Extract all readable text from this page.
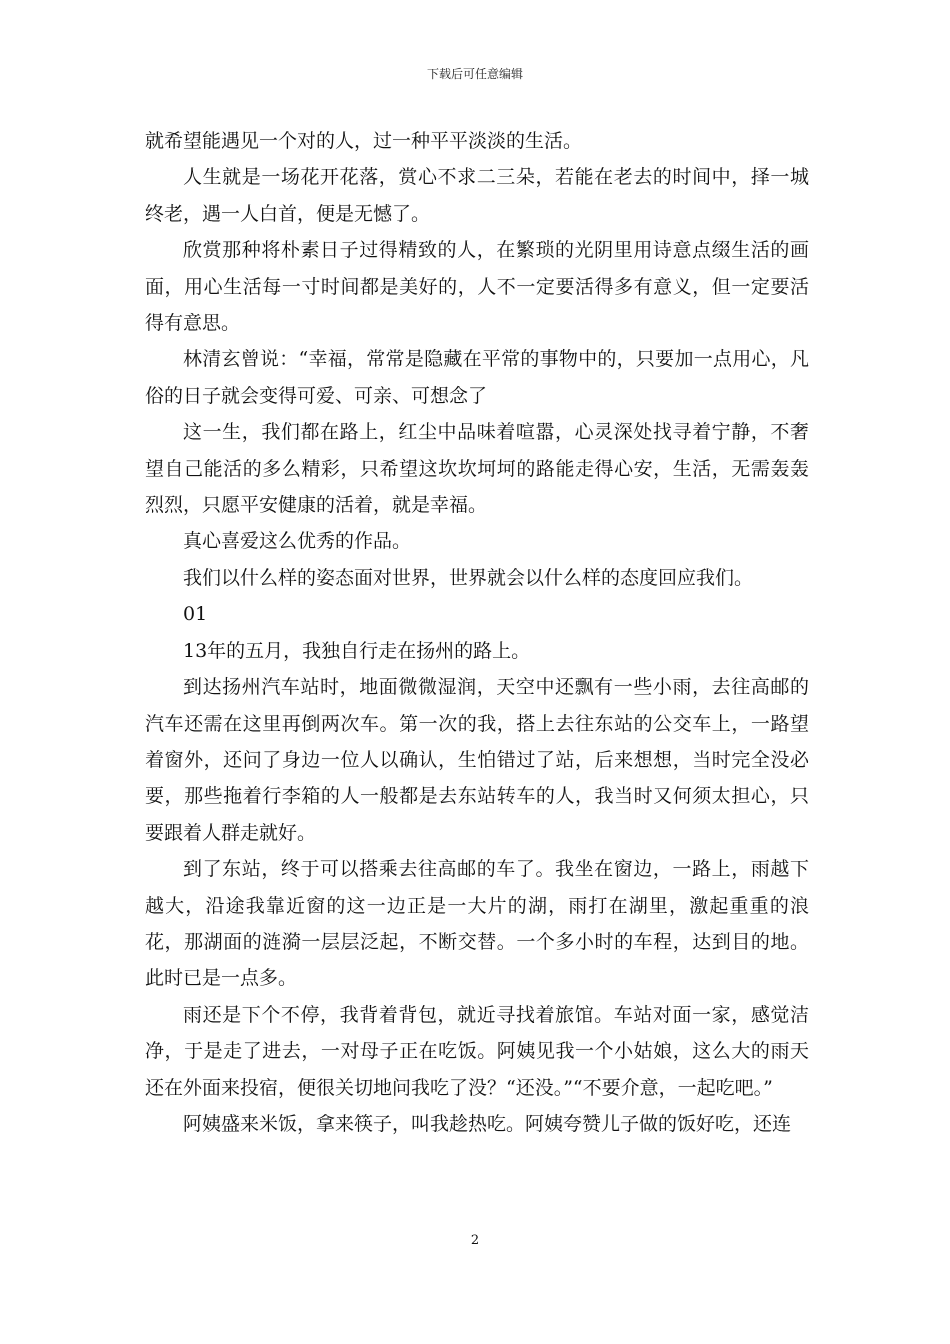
下载后可任意编辑

就希望能遇见一个对的人，过一种平平淡淡的生活。

人生就是一场花开花落，赏心不求二三朵，若能在老去的时间中，择一城终老，遇一人白首，便是无憾了。

欣赏那种将朴素日子过得精致的人，在繁琐的光阴里用诗意点缀生活的画面，用心生活每一寸时间都是美好的，人不一定要活得多有意义，但一定要活得有意思。

林清玄曾说：“幸福，常常是隐藏在平常的事物中的，只要加一点用心，凡俗的日子就会变得可爱、可亲、可想念了

这一生，我们都在路上，红尘中品味着喧嚣，心灵深处找寻着宁静，不奢望自己能活的多么精彩，只希望这坎坎坷坷的路能走得心安，生活，无需轰轰烈烈，只愿平安健康的活着，就是幸福。

真心喜爱这么优秀的作品。

我们以什么样的姿态面对世界，世界就会以什么样的态度回应我们。

01

13年的五月，我独自行走在扬州的路上。

到达扬州汽车站时，地面微微湿润，天空中还飘有一些小雨，去往高邮的汽车还需在这里再倒两次车。第一次的我，搭上去往东站的公交车上，一路望着窗外，还问了身边一位人以确认，生怕错过了站，后来想想，当时完全没必要，那些拖着行李箱的人一般都是去东站转车的人，我当时又何须太担心，只要跟着人群走就好。

到了东站，终于可以搭乘去往高邮的车了。我坐在窗边，一路上，雨越下越大，沿途我靠近窗的这一边正是一大片的湖，雨打在湖里，激起重重的浪花，那湖面的涟漪一层层泛起，不断交替。一个多小时的车程，达到目的地。此时已是一点多。

雨还是下个不停，我背着背包，就近寻找着旅馆。车站对面一家，感觉洁净，于是走了进去，一对母子正在吃饭。阿姨见我一个小姑娘，这么大的雨天还在外面来投宿，便很关切地问我吃了没？“还没。”“不要介意，一起吃吧。”

阿姨盛来米饭，拿来筷子，叫我趁热吃。阿姨夸赞儿子做的饭好吃，还连

2
